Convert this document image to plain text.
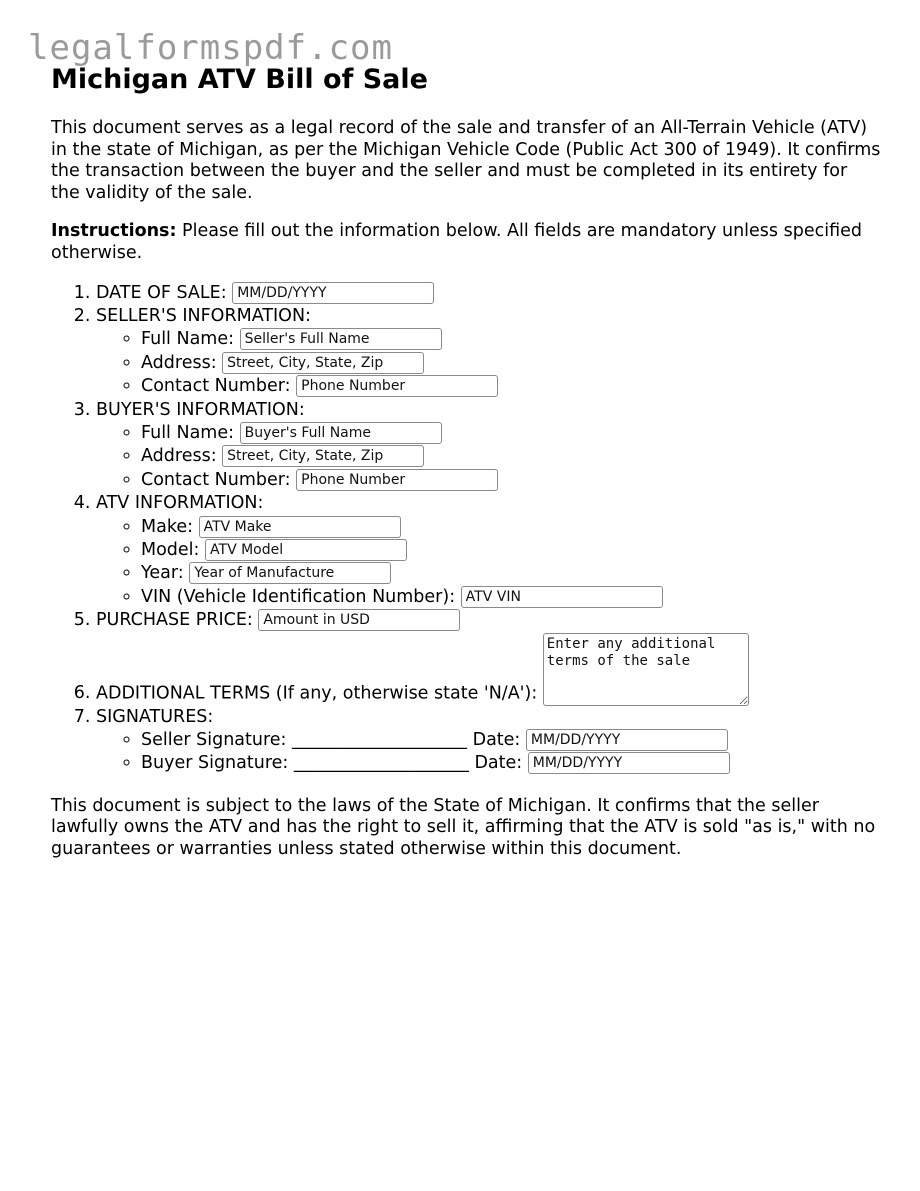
legalformspdf.com
Michigan ATV Bill of Sale

This document serves as a legal record of the sale and transfer of an All-Terrain Vehicle (ATV) in the state of Michigan, as per the Michigan Vehicle Code (Public Act 300 of 1949). It confirms the transaction between the buyer and the seller and must be completed in its entirety for the validity of the sale.

Instructions: Please fill out the information below. All fields are mandatory unless specified otherwise.

1. DATE OF SALE: MM/DD/YYYY
2. SELLER'S INFORMATION:
◦ Full Name: Seller's Full Name
◦ Address: Street, City, State, Zip
◦ Contact Number: Phone Number
3. BUYER'S INFORMATION:
◦ Full Name: Buyer's Full Name
◦ Address: Street, City, State, Zip
◦ Contact Number: Phone Number
4. ATV INFORMATION:
◦ Make: ATV Make
◦ Model: ATV Model
◦ Year: Year of Manufacture
◦ VIN (Vehicle Identification Number): ATV VIN
5. PURCHASE PRICE: Amount in USD
6. ADDITIONAL TERMS (If any, otherwise state 'N/A'): Enter any additional terms of the sale
7. SIGNATURES:
◦ Seller Signature: ____________________ Date: MM/DD/YYYY
◦ Buyer Signature: ____________________ Date: MM/DD/YYYY

This document is subject to the laws of the State of Michigan. It confirms that the seller lawfully owns the ATV and has the right to sell it, affirming that the ATV is sold "as is," with no guarantees or warranties unless stated otherwise within this document.
